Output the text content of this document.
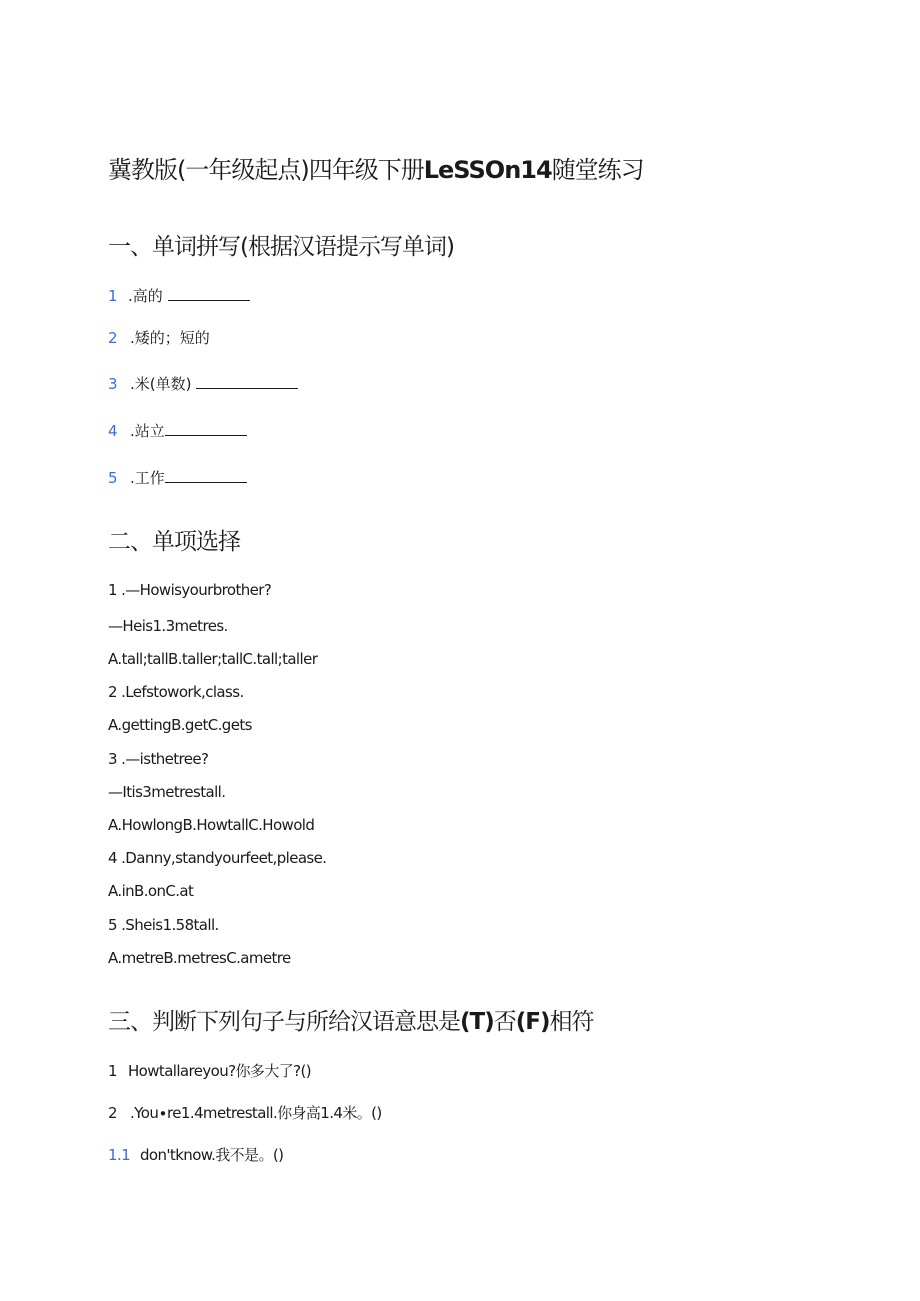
冀教版(一年级起点)四年级下册LeSSOn14随堂练习
一、单词拼写(根据汉语提示写单词)
1 .高的
2 .矮的；短的
3 .米(单数)
4 .站立
5 .工作
二、单项选择
1 .—Howisyourbrother?
—Heis1.3metres.
A.tall;tallB.taller;tallC.tall;taller
2 .Lefstowork,class.
A.gettingB.getC.gets
3 .—isthetree?
—Itis3metrestall.
A.HowlongB.HowtallC.Howold
4 .Danny,standyourfeet,please.
A.inB.onC.at
5 .Sheis1.58tall.
A.metreB.metresC.ametre
三、判断下列句子与所给汉语意思是(T)否(F)相符
1 Howtallareyou?你多大了?()
2 .You∙re1.4metrestall.你身高1.4米。()
1.1 don'tknow.我不是。()
